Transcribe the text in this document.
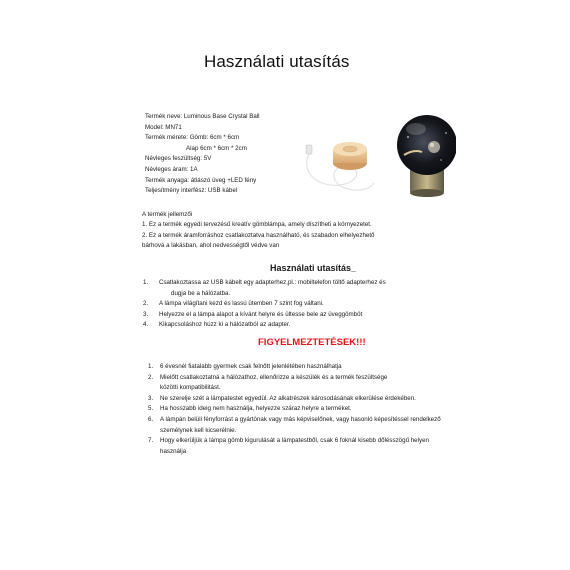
Használati utasítás
Termék neve: Luminous Base Crystal Ball
Model: MN71
Termék mérete: Gömb: 6cm * 6cm
Alap 6cm * 6cm * 2cm
Névleges feszültség: 5V
Névleges áram: 1A
Termék anyaga: átlászó üveg +LED fény
Teljesítmény interfész: USB kábel
A termék jellemzői
1. Ez a termék egyedi tervezésű kreatív gömblámpa, amely díszítheti a környezetet.
2. Ez a termék áramforráshoz csatlakoztatva használható, és szabadon elhelyezhető
bárhová a lakásban, ahol nedvességtől védve van
Használati utasítás_
1. Csatlakoztassa az USB kábelt egy adapterhez,pl.: mobiltelefon töltő adapterhez és
dugja be a hálózatba.
2. A lámpa világítani kezd és lassú ütemben 7 szint fog váltani.
3. Helyezze el a lámpa alapot a kívánt helyre és ültesse bele az üveggömböt
4. Kikapcsoláshoz húzz ki a hálózatból az adapter.
FIGYELMEZTETÉSEK!!!
1. 6 évesnél fiatalabb gyermek csak felnőtt jelenlétében használhatja
2. Mielőtt csatlakoztatná a hálózathoz, ellenőrizze a készülék és a termék feszültsége
közötti kompatibilitást.
3. Ne szerelje szét a lámpatestet egyedül. Az alkatrészek károsodásának elkerülése érdekében.
5. Ha hosszabb ideig nem használja, helyezze száraz helyre a terméket.
6. A lámpán belüli fényforrást a gyártónak vagy más képviselőnek, vagy hasonló képesítéssel rendelkező
személynek kell kicserélnie.
7. Hogy elkerüljük a lámpa gömb kigurulását a lámpatestből, csak 6 foknál kisebb dőlésszögű helyen
használja
